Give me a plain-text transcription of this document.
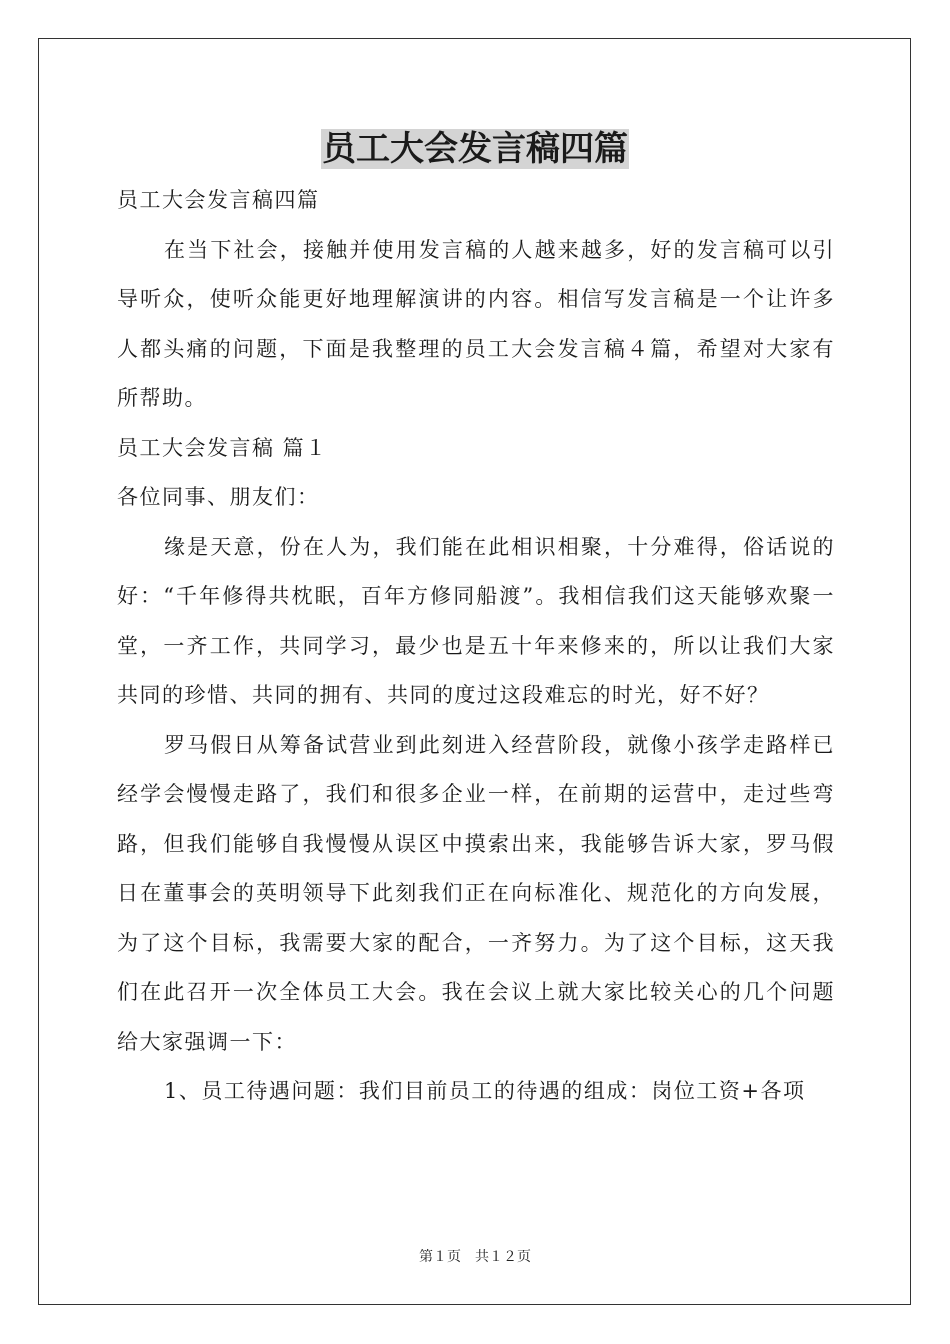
员工大会发言稿四篇

员工大会发言稿四篇

在当下社会，接触并使用发言稿的人越来越多，好的发言稿可以引导听众，使听众能更好地理解演讲的内容。相信写发言稿是一个让许多人都头痛的问题，下面是我整理的员工大会发言稿４篇，希望对大家有所帮助。

员工大会发言稿 篇１

各位同事、朋友们：

缘是天意，份在人为，我们能在此相识相聚，十分难得，俗话说的好：“千年修得共枕眠，百年方修同船渡”。我相信我们这天能够欢聚一堂，一齐工作，共同学习，最少也是五十年来修来的，所以让我们大家共同的珍惜、共同的拥有、共同的度过这段难忘的时光，好不好？

罗马假日从筹备试营业到此刻进入经营阶段，就像小孩学走路样已经学会慢慢走路了，我们和很多企业一样，在前期的运营中，走过些弯路，但我们能够自我慢慢从误区中摸索出来，我能够告诉大家，罗马假日在董事会的英明领导下此刻我们正在向标准化、规范化的方向发展，为了这个目标，我需要大家的配合，一齐努力。为了这个目标，这天我们在此召开一次全体员工大会。我在会议上就大家比较关心的几个问题给大家强调一下：

1、员工待遇问题：我们目前员工的待遇的组成：岗位工资+各项

第１页 共１２页
